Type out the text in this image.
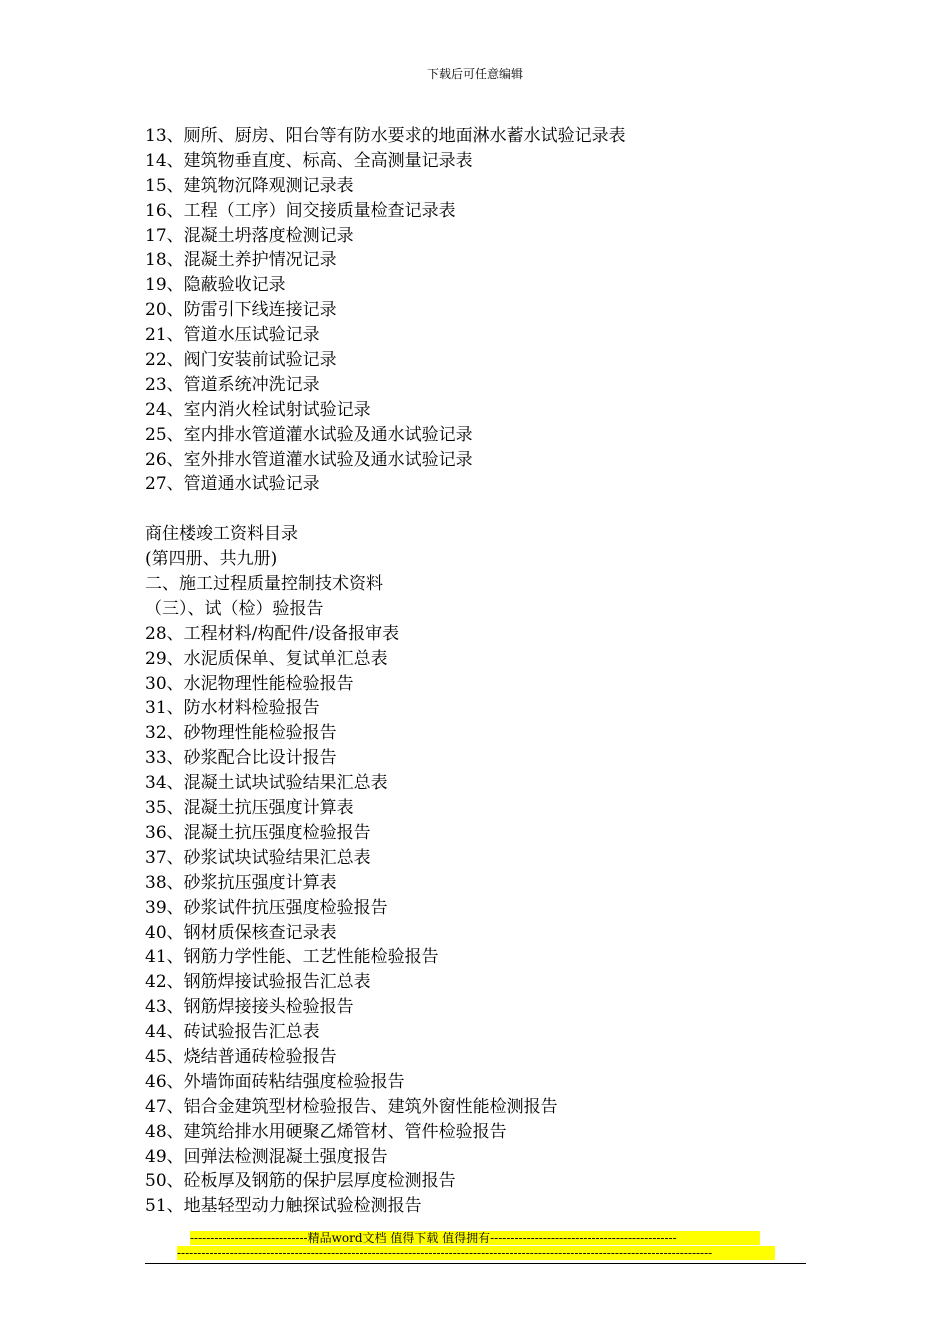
下载后可任意编辑
13、厕所、厨房、阳台等有防水要求的地面淋水蓄水试验记录表
14、建筑物垂直度、标高、全高测量记录表
15、建筑物沉降观测记录表
16、工程（工序）间交接质量检查记录表
17、混凝土坍落度检测记录
18、混凝土养护情况记录
19、隐蔽验收记录
20、防雷引下线连接记录
21、管道水压试验记录
22、阀门安装前试验记录
23、管道系统冲洗记录
24、室内消火栓试射试验记录
25、室内排水管道灌水试验及通水试验记录
26、室外排水管道灌水试验及通水试验记录
27、管道通水试验记录
商住楼竣工资料目录
(第四册、共九册)
二、施工过程质量控制技术资料
（三）、试（检）验报告
28、工程材料/构配件/设备报审表
29、水泥质保单、复试单汇总表
30、水泥物理性能检验报告
31、防水材料检验报告
32、砂物理性能检验报告
33、砂浆配合比设计报告
34、混凝土试块试验结果汇总表
35、混凝土抗压强度计算表
36、混凝土抗压强度检验报告
37、砂浆试块试验结果汇总表
38、砂浆抗压强度计算表
39、砂浆试件抗压强度检验报告
40、钢材质保核查记录表
41、钢筋力学性能、工艺性能检验报告
42、钢筋焊接试验报告汇总表
43、钢筋焊接接头检验报告
44、砖试验报告汇总表
45、烧结普通砖检验报告
46、外墙饰面砖粘结强度检验报告
47、铝合金建筑型材检验报告、建筑外窗性能检测报告
48、建筑给排水用硬聚乙烯管材、管件检验报告
49、回弹法检测混凝土强度报告
50、砼板厚及钢筋的保护层厚度检测报告
51、地基轻型动力触探试验检测报告
-----------------------------精品word文档 值得下载 值得拥有----------------------------------------------
------------------------------------------------------------------------------------------------------------------------------------
